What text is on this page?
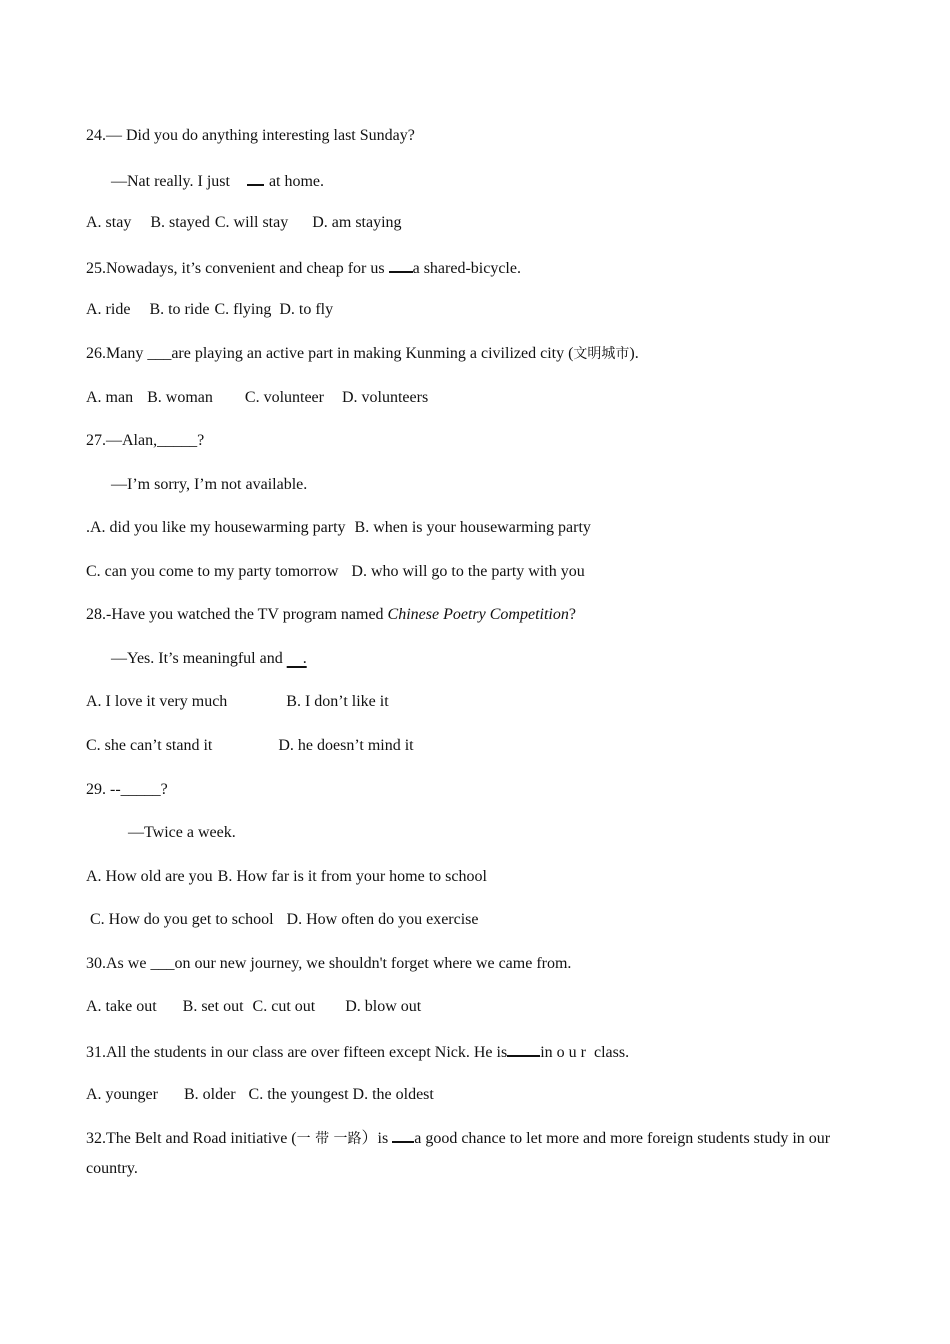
24.— Did you do anything interesting last Sunday?
—Nat really. I just at home.
A. stay B. stayed C. will stay D. am staying
25.Nowadays, it’s convenient and cheap for us a shared-bicycle.
A. ride B. to ride C. flying D. to fly
26.Many ___are playing an active part in making Kunming a civilized city (文明城市).
A. man B. woman C. volunteer D. volunteers
27.—Alan,_____?
—I’m sorry, I’m not available.
.A. did you like my housewarming party B. when is your housewarming party
C. can you come to my party tomorrow D. who will go to the party with you
28.-Have you watched the TV program named Chinese Poetry Competition?
—Yes. It’s meaningful and    .
A. I love it very much	B. I don’t like it
C. she can’t stand it	D. he doesn’t mind it
29. --_____?
—Twice a week.
A. How old are you B. How far is it from your home to school
C. How do you get to school D. How often do you exercise
30.As we ___on our new journey, we shouldn't forget where we came from.
A. take out B. set out C. cut out D. blow out
31.All the students in our class are over fifteen except Nick. He is in o u r  class.
A. younger B. older C. the youngest D. the oldest
32.The Belt and Road initiative (一 带 一路）is a good chance to let more and more foreign students study in our country.
